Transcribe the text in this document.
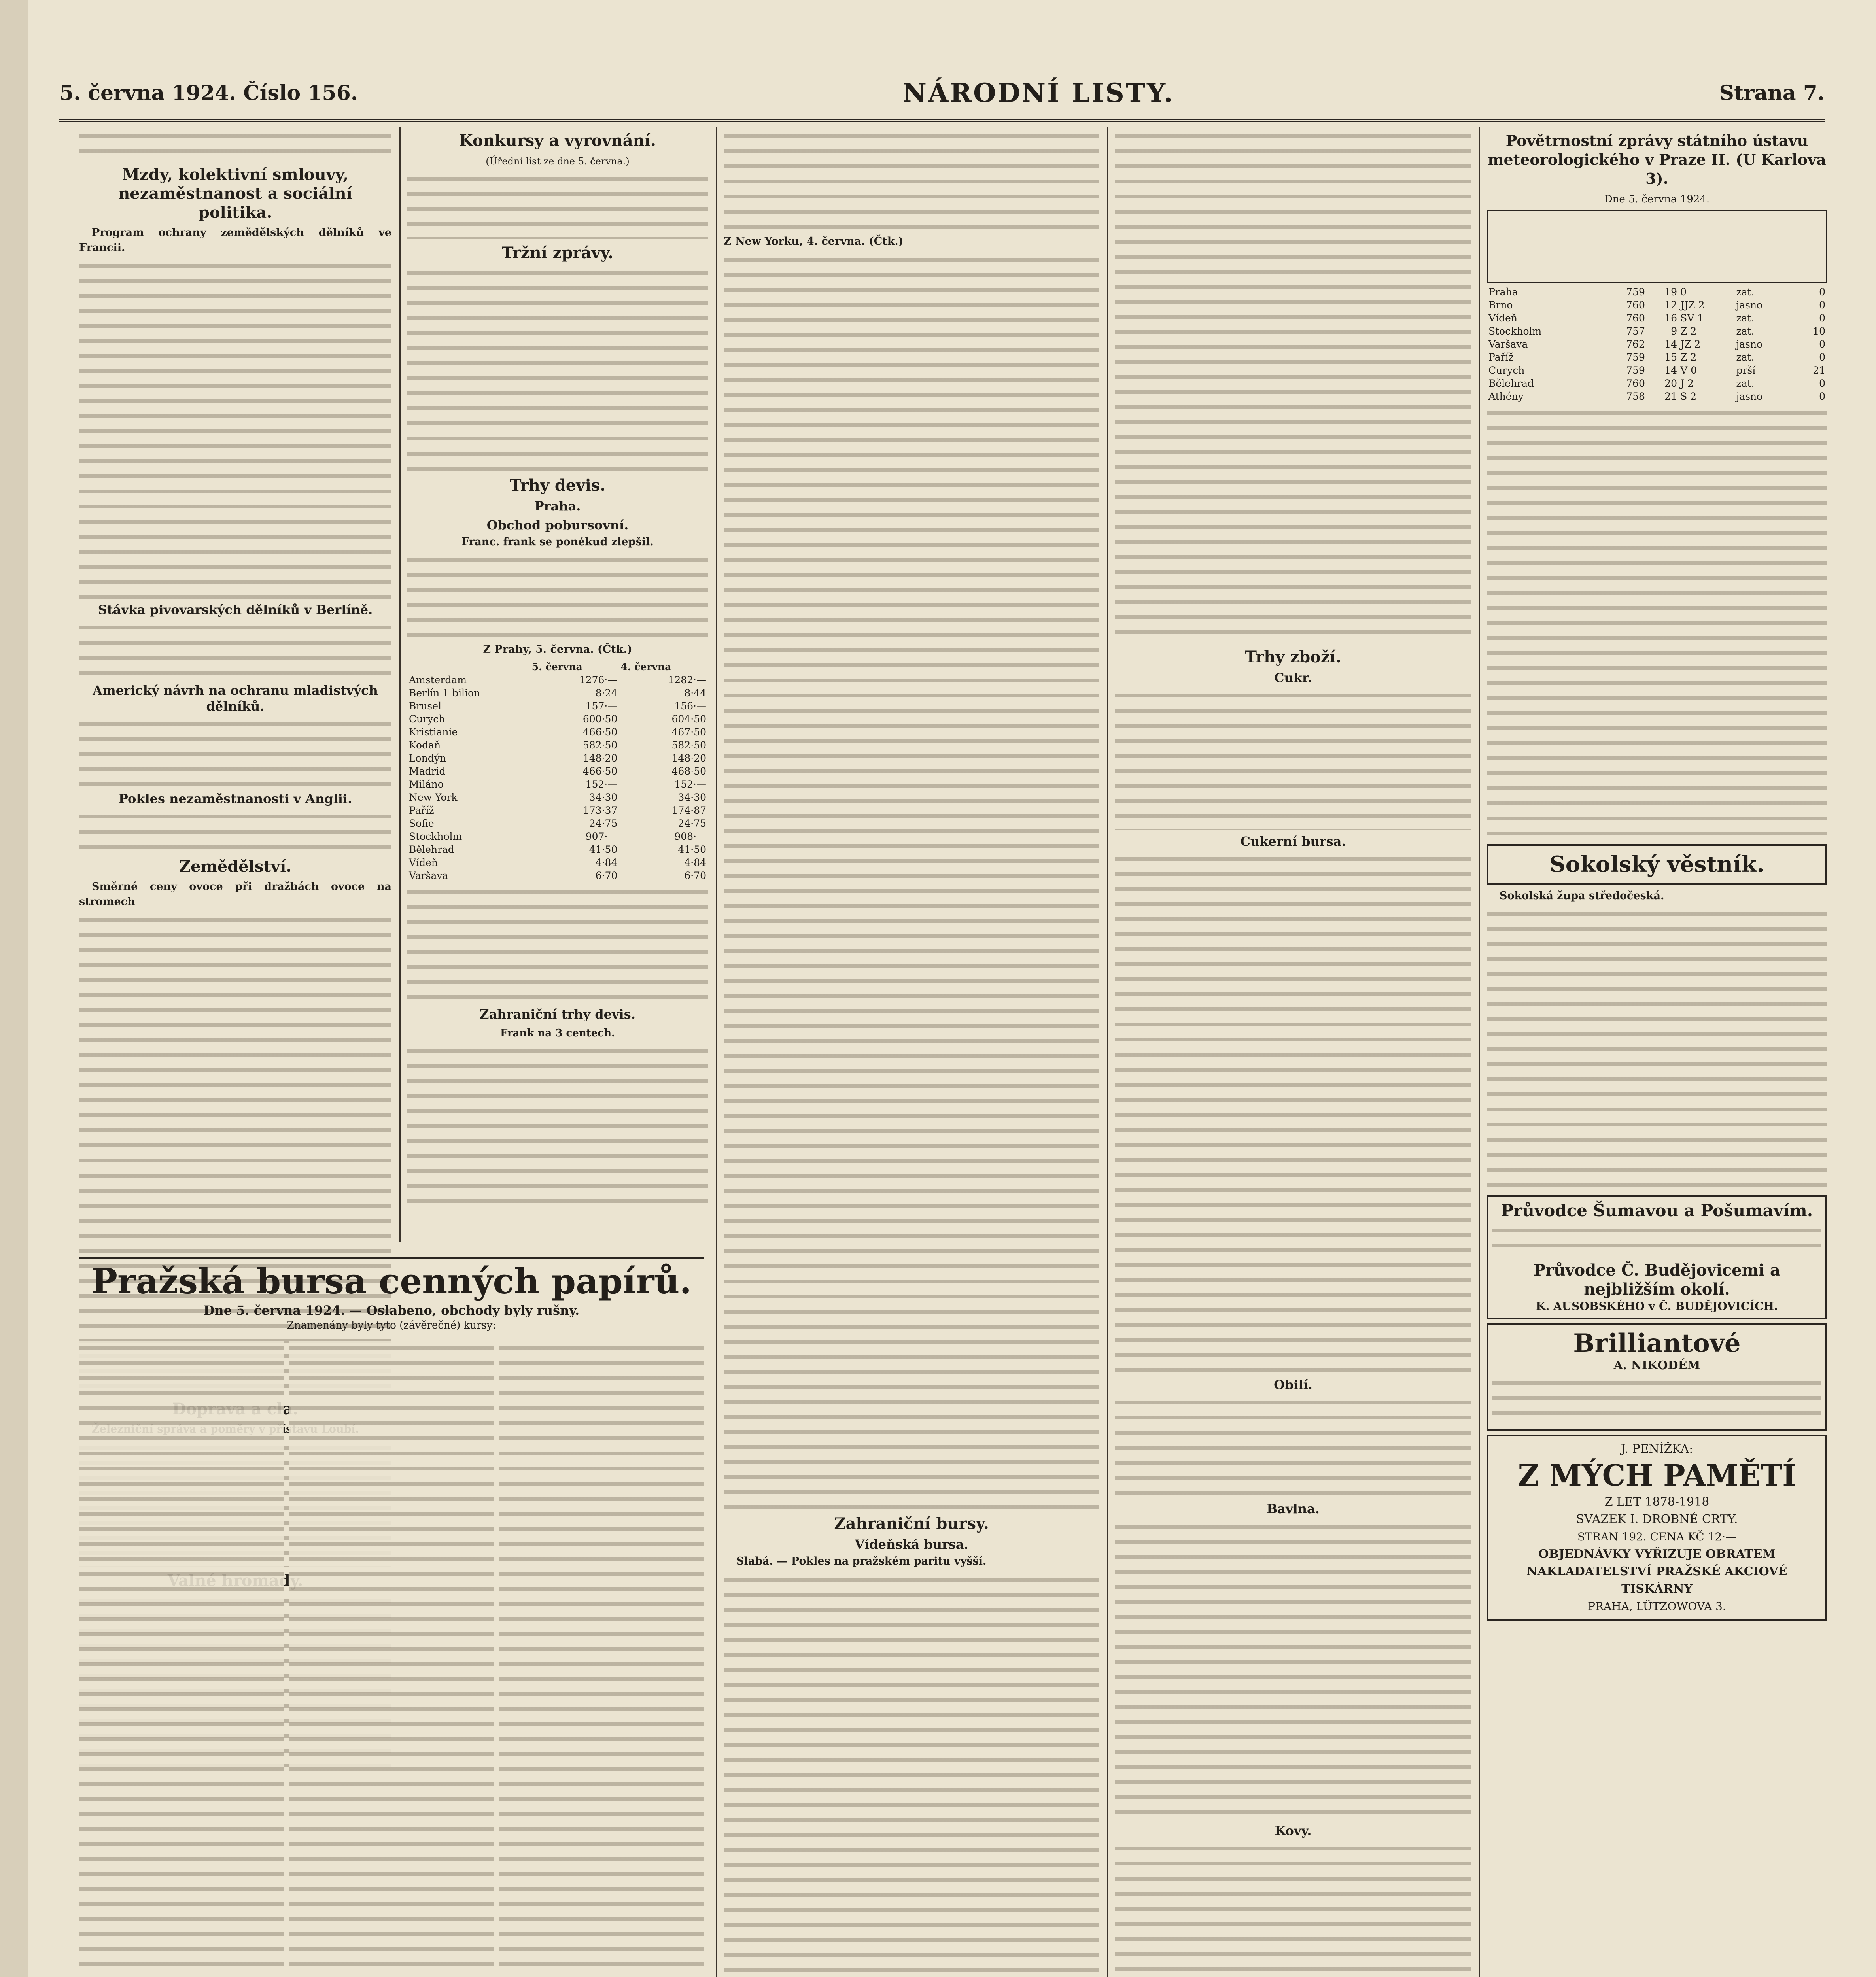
5. června 1924. Číslo 156.	NÁRODNÍ LISTY.	Strana 7.
Mzdy, kolektivní smlouvy, nezaměstnanost a sociální politika.

Program ochrany zemědělských dělníků ve Francii.

Stávka pivovarských dělníků v Berlíně.
Americký návrh na ochranu mladistvých dělníků.
Pokles nezaměstnanosti v Anglii.
Zemědělství.

Směrné ceny ovoce při dražbách ovoce na stromech

Konkursy a vyrovnání.
(Úřední list ze dne 5. června.)
Tržní zprávy.
Trhy devis.
Praha.
Obchod pobursovní.

Franc. frank se ponékud zlepšil.

Z Prahy, 5. června. (Čtk.)

	5. června	4. června
Amsterdam	1276·—	1282·—
Berlín 1 bilion	8·24	8·44
Brusel	157·—	156·—
Curych	600·50	604·50
Kristianie	466·50	467·50
Kodaň	582·50	582·50
Londýn	148·20	148·20
Madrid	466·50	468·50
Miláno	152·—	152·—
New York	34·30	34·30
Paříž	173·37	174·87
Sofie	24·75	24·75
Stockholm	907·—	908·—
Bělehrad	41·50	41·50
Vídeň	4·84	4·84
Varšava	6·70	6·70
Zahraniční trhy devis.
Frank na 3 centech.

Z New Yorku, 4. června. (Čtk.)

Zahraniční bursy.
Vídeňská bursa.

Slabá. — Pokles na pražském paritu vyšší.

Trhy zboží.
Cukr.
Cukerní bursa.
Obilí.
Bavlna.
Kovy.
Povětrnostní zprávy státního ústavu meteorologického v Praze II. (U Karlova 3).
Dne 5. června 1924.
Praha	759	19	0	zat.	0
Brno	760	12	JJZ 2	jasno	0
Vídeň	760	16	SV 1	zat.	0
Stockholm	757	9	Z 2	zat.	10
Varšava	762	14	JZ 2	jasno	0
Paříž	759	15	Z 2	zat.	0
Curych	759	14	V 0	prší	21
Bělehrad	760	20	J 2	zat.	0
Athény	758	21	S 2	jasno	0
Sokolský věstník.

Sokolská župa středočeská.

Průvodce Šumavou a Pošumavím.
Průvodce Č. Budějovicemi a nejbližším okolí.
K. AUSOBSKÉHO v Č. BUDĚJOVICÍCH.
Brilliantové
A. NIKODÉM
J. PENÍŽKA:
Z MÝCH PAMĚTÍ
Z LET 1878-1918
SVAZEK I. DROBNÉ CRTY.
STRAN 192. CENA KČ 12·—
OBJEDNÁVKY VYŘIZUJE OBRATEM NAKLADATELSTVÍ PRAŽSKÉ AKCIOVÉ TISKÁRNY
PRAHA, LÜTZOWOVA 3.
Pražská bursa cenných papírů.
Dne 5. června 1924. — Oslabeno, obchody byly rušny.
Znamenány byly tyto (závěrečné) kursy:
